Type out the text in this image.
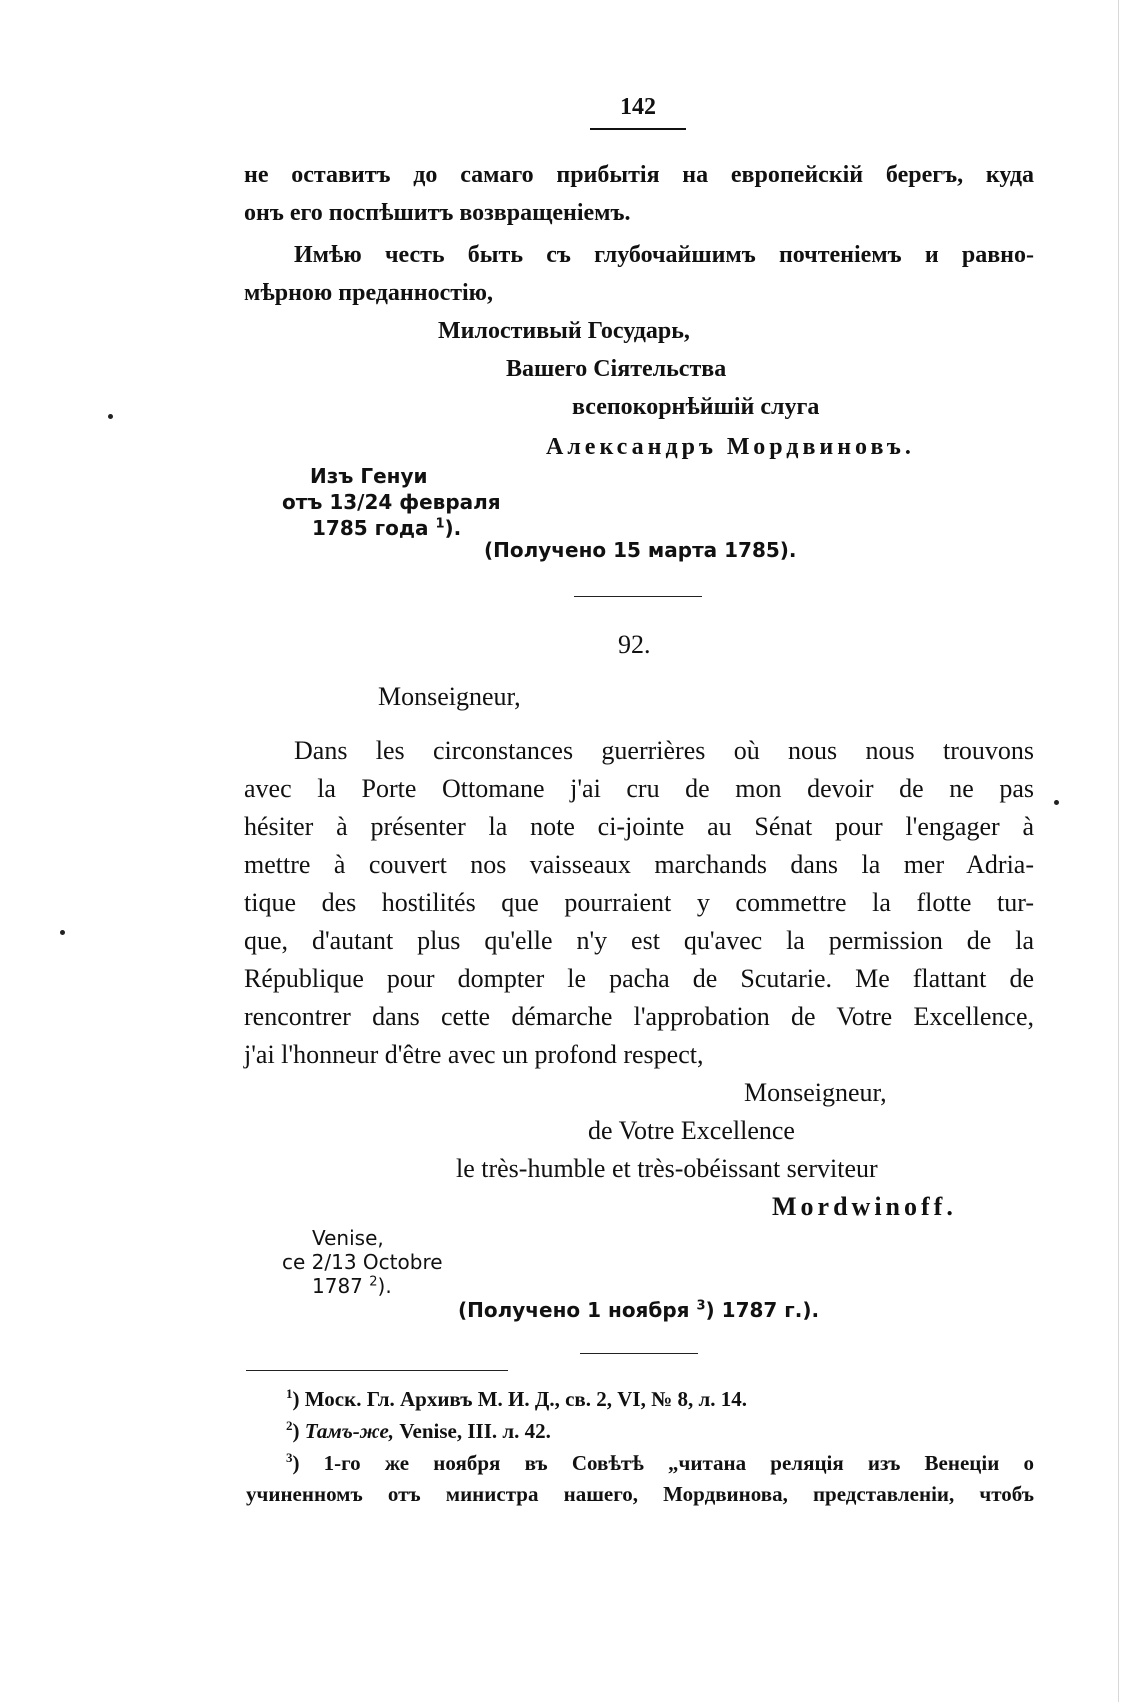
142
не оставитъ до самаго прибытія на европейскій берегъ, куда
онъ его поспѣшитъ возвращеніемъ.
Имѣю честь быть съ глубочайшимъ почтеніемъ и равно-
мѣрною преданностію,
Милостивый Государь,
Вашего Сіятельства
всепокорнѣйшій слуга
Александръ Мордвиновъ.
Изъ Генуи
отъ 13/24 февраля
1785 года $^1$).
(Получено 15 марта 1785).
92.
Monseigneur,
Dans les circonstances guerrières où nous nous trouvons
avec la Porte Ottomane j'ai cru de mon devoir de ne pas
hésiter à présenter la note ci-jointe au Sénat pour l'engager à
mettre à couvert nos vaisseaux marchands dans la mer Adria-
tique des hostilités que pourraient y commettre la flotte tur-
que, d'autant plus qu'elle n'y est qu'avec la permission de la
République pour dompter le pacha de Scutarie. Me flattant de
rencontrer dans cette démarche l'approbation de Votre Excellence,
j'ai l'honneur d'être avec un profond respect,
Monseigneur,
de Votre Excellence
le très-humble et très-obéissant serviteur
Mordwinoff.
Venise,
ce 2/13 Octobre
1787 $^2$).
(Получено 1 ноября $^3$) 1787 г.).
$^1$) Моск. Гл. Архивъ М. И. Д., св. 2, VI, № 8, л. 14.
$^2$) Тамъ-же, Venise, III. л. 42.
$^3$) 1-го же ноября въ Совѣтѣ „читана реляція изъ Венеціи о
учиненномъ отъ министра нашего, Мордвинова, представленіи, чтобъ
